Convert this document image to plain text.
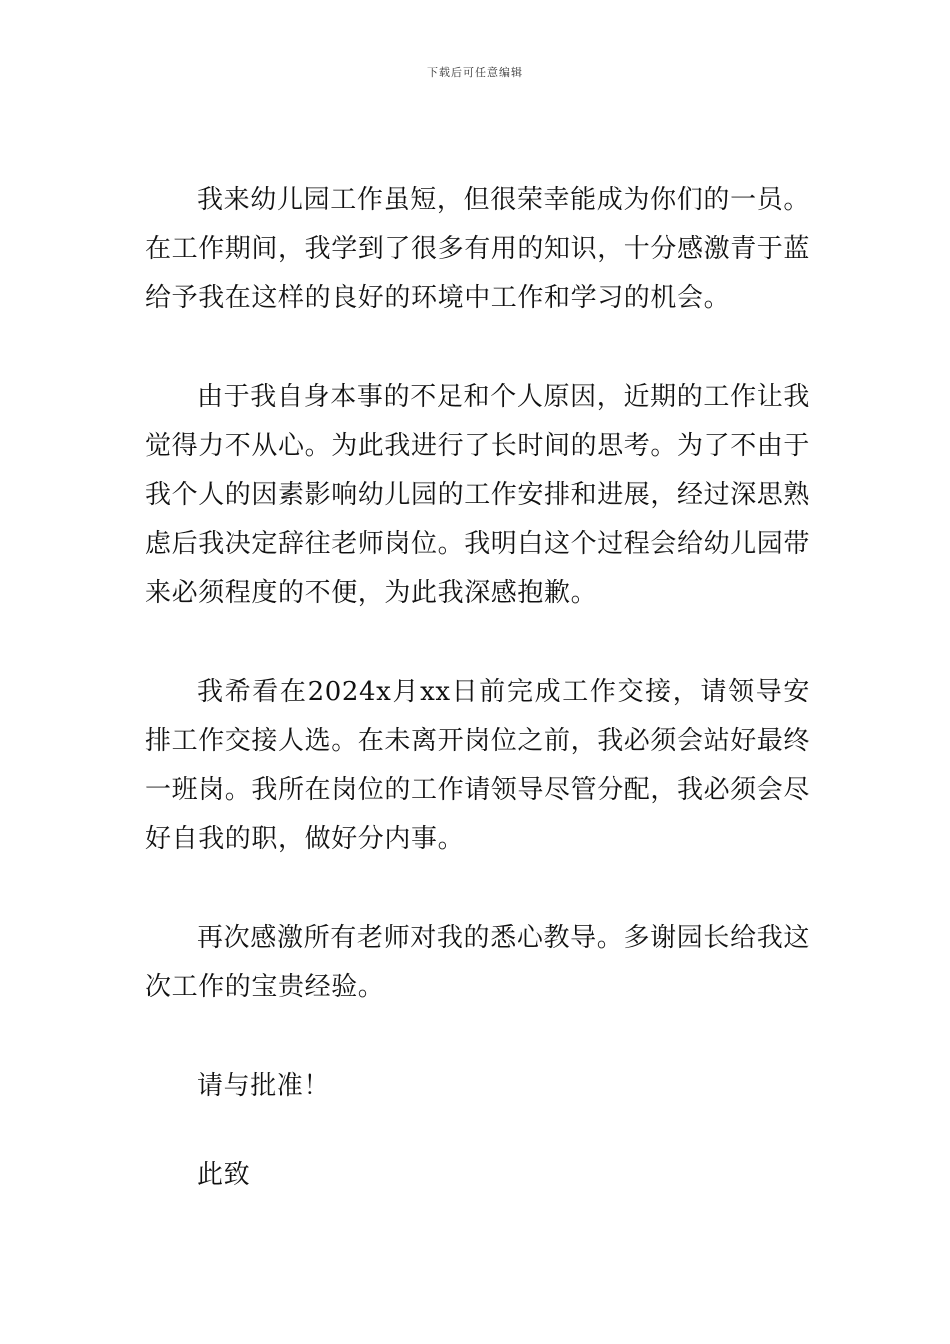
下载后可任意编辑

我来幼儿园工作虽短，但很荣幸能成为你们的一员。在工作期间，我学到了很多有用的知识，十分感激青于蓝给予我在这样的良好的环境中工作和学习的机会。

由于我自身本事的不足和个人原因，近期的工作让我觉得力不从心。为此我进行了长时间的思考。为了不由于我个人的因素影响幼儿园的工作安排和进展，经过深思熟虑后我决定辞往老师岗位。我明白这个过程会给幼儿园带来必须程度的不便，为此我深感抱歉。

我希看在2024x月xx日前完成工作交接，请领导安排工作交接人选。在未离开岗位之前，我必须会站好最终一班岗。我所在岗位的工作请领导尽管分配，我必须会尽好自我的职，做好分内事。

再次感激所有老师对我的悉心教导。多谢园长给我这次工作的宝贵经验。

请与批准！

此致
